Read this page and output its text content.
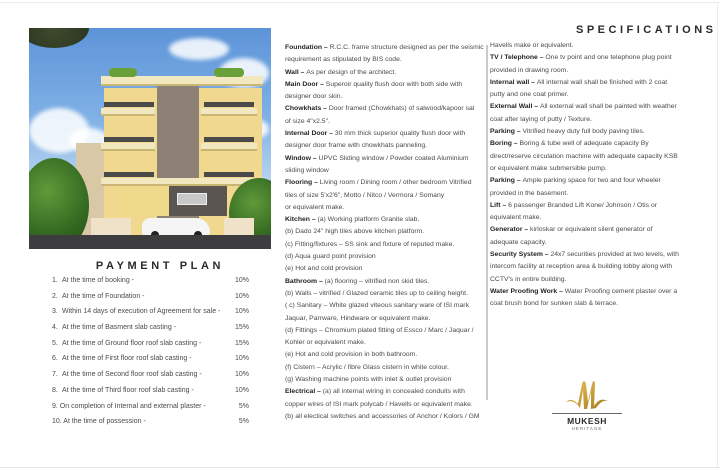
PAYMENT PLAN
1. At the time of booking -	10%
2. At the time of Foundation -	10%
3. Within 14 days of execution of Agreement for sale - 10%
4. At the time of Basment slab casting -	15%
5. At the time of Ground floor roof slab casting -	15%
6. At the time of First floor roof slab casting -	10%
7. At the time of Second floor roof slab casting -	10%
8. At the time of Third floor roof slab casting -	10%
9. On completion of Internal and external plaster -	5%
10. At the time of possession -	5%
SPECIFICATIONS

Foundation – R.C.C. frame structure designed as per the seismic

requirement as stipulated by BIS code.

Wall – As per design of the architect.

Main Door – Superoir quality flush door with both side with

designer door skin.

Chowkhats – Door framed (Chowkhats) of salwood/kapoor sal

of size 4"x2.5".

Internal Door – 30 mm thick superior quality flush door with

designer door frame with chowkhats panneling.

Window – UPVC Sliding window / Powder coated Aluminium

sliding window

Flooring – Living room / Dining room / other bedroom Vitrified

tiles of size 5'x2'6", Motto / Nitco / Vermora / Somany

or equivalent make.

Kitchen – (a) Working platform Granite slab.

(b) Dado 24" high tiles above kitchen platform.

(c) Fitting/fixtures – SS sink and fixture of reputed make.

(d) Aqua guard point provision

(e) Hot and cold provision

Bathroom – (a) flooring – vitrified non skid tiles.

(b) Walls – vitrified / Glazed ceramic tiles up to ceiling height.

( c) Sanitary – White glazed viteous sanitary ware of ISI mark

Jaquar, Parrware, Hindware or equivalent make.

(d) Fittings – Chromium plated fitting of Essco / Marc / Jaquar /

Kohler or equivalent make.

(e) Hot and cold provision in both bathroom.

(f) Cistern – Acrylic / fibre Glass cistern in white colour.

(g) Washing machine points with inlet & outlet provision

Electrical – (a) all internal wiring in concealed conduits with

copper wires of ISI mark polycab / Havells or equivalent make.

(b) all electical switches and accessories of Anchor / Kolors / GM

Havells make or equivalent.

TV / Telephone – One tv point and one telephone plug point

provided in drawing room.

Internal wall – All internal wall shall be finished with 2 coat

putty and one coat primer.

External Wall – All external wall shall be painted with weather

coat after laying of putty / Texture.

Parking – Vitrified heavy duty full body paving tiles.

Boring – Boring & tube well of adequate capacity By

direct/reserve circulation machine with adequate capacity KSB

or equivalent make submersible pump.

Parking – Ample parking space for two and four wheeler

provided in the basement.

Lift – 6 passenger Branded Lift Kone/ Johnson / Otis or

equivalent make.

Generator – kirloskar or equivalent silent generator of

adequate capacity.

Security System – 24x7 securities provided at two levels, with

intercom facility at reception area & building lobby along with

CCTV's in entire building.

Water Proofing Work – Water Proofing cement plaster over a

coat brush bond for sunken slab & terrace.

MUKESH
HERITAGE
